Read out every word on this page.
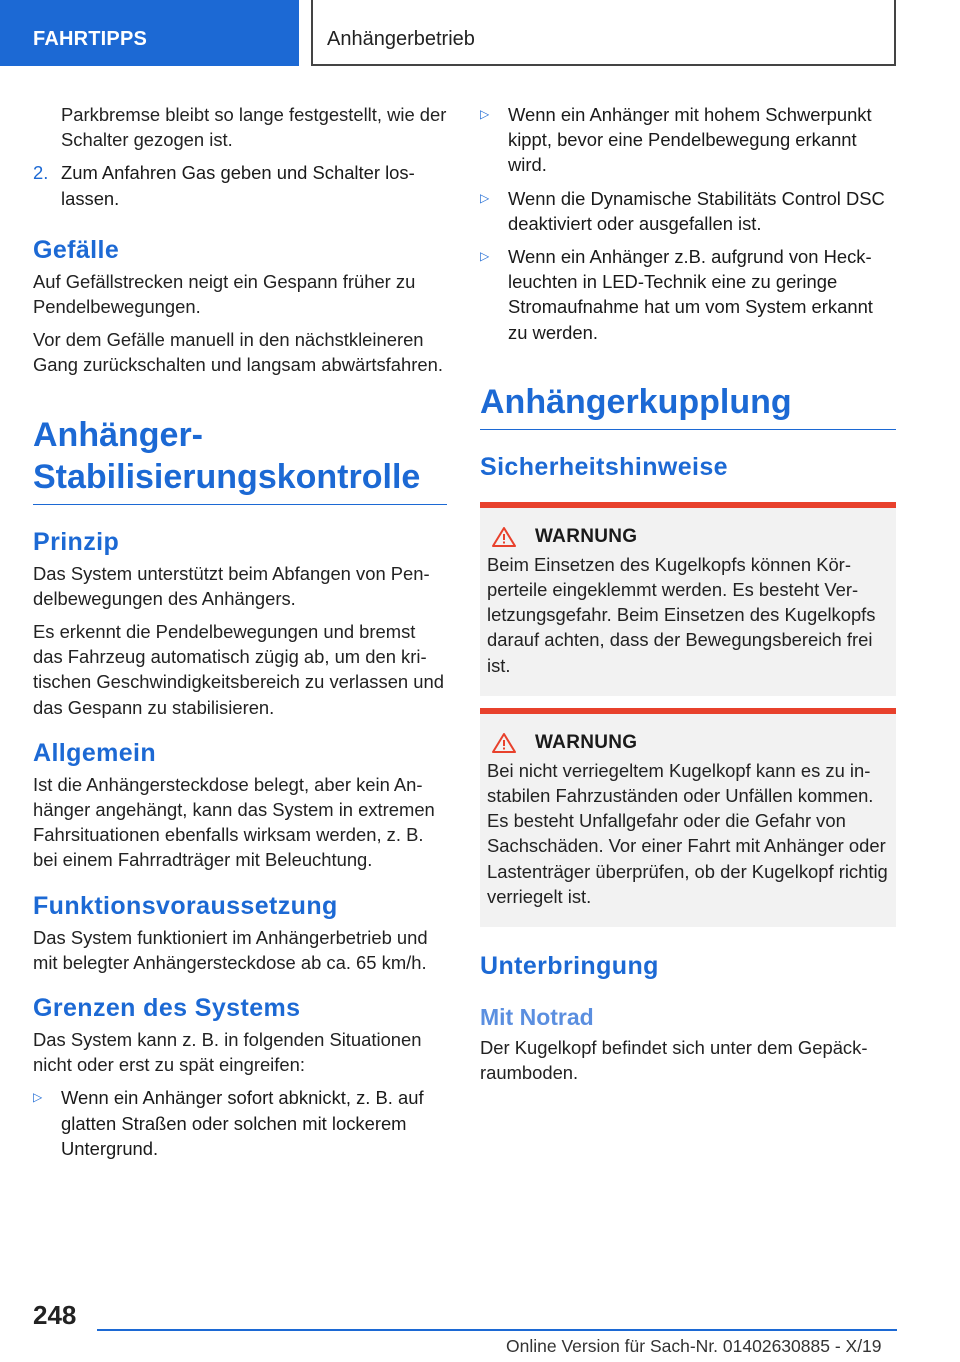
FAHRTIPPS	Anhängerbetrieb

Parkbremse bleibt so lange festgestellt, wie der Schalter gezogen ist.

2. Zum Anfahren Gas geben und Schalter loslassen.
Gefälle

Auf Gefällstrecken neigt ein Gespann früher zu Pendelbewegungen.

Vor dem Gefälle manuell in den nächstkleineren Gang zurückschalten und langsam abwärtsfahren.

Anhänger-
Stabilisierungskontrolle
Prinzip

Das System unterstützt beim Abfangen von Pendelbewegungen des Anhängers.

Es erkennt die Pendelbewegungen und bremst das Fahrzeug automatisch zügig ab, um den kritischen Geschwindigkeitsbereich zu verlassen und das Gespann zu stabilisieren.

Allgemein

Ist die Anhängersteckdose belegt, aber kein Anhänger angehängt, kann das System in extremen Fahrsituationen ebenfalls wirksam werden, z. B. bei einem Fahrradträger mit Beleuchtung.

Funktionsvoraussetzung

Das System funktioniert im Anhängerbetrieb und mit belegter Anhängersteckdose ab ca. 65 km/h.

Grenzen des Systems

Das System kann z. B. in folgenden Situationen nicht oder erst zu spät eingreifen:

▷	Wenn ein Anhänger sofort abknickt, z. B. auf glatten Straßen oder solchen mit lockerem Untergrund.
▷	Wenn ein Anhänger mit hohem Schwerpunkt kippt, bevor eine Pendelbewegung erkannt wird.
▷	Wenn die Dynamische Stabilitäts Control DSC deaktiviert oder ausgefallen ist.
▷	Wenn ein Anhänger z.B. aufgrund von Heckleuchten in LED-Technik eine zu geringe Stromaufnahme hat um vom System erkannt zu werden.
Anhängerkupplung
Sicherheitshinweise
WARNUNG

Beim Einsetzen des Kugelkopfs können Körperteile eingeklemmt werden. Es besteht Verletzungsgefahr. Beim Einsetzen des Kugelkopfs darauf achten, dass der Bewegungsbereich frei ist.

WARNUNG

Bei nicht verriegeltem Kugelkopf kann es zu instabilen Fahrzuständen oder Unfällen kommen. Es besteht Unfallgefahr oder die Gefahr von Sachschäden. Vor einer Fahrt mit Anhänger oder Lastenträger überprüfen, ob der Kugelkopf richtig verriegelt ist.

Unterbringung
Mit Notrad

Der Kugelkopf befindet sich unter dem Gepäckraumboden.

248
Online Version für Sach-Nr. 01402630885 - X/19
